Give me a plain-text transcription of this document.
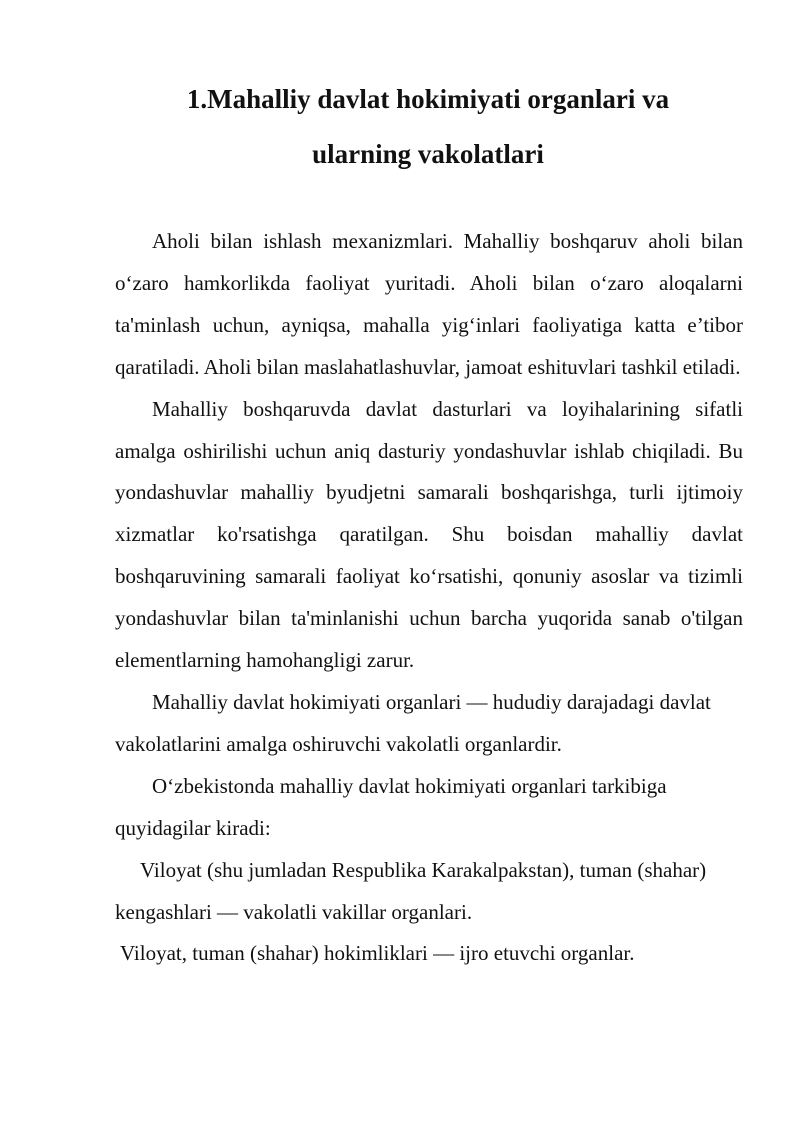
1.Mahalliy davlat hokimiyati organlari va
ularning vakolatlari

Aholi bilan ishlash mexanizmlari. Mahalliy boshqaruv aholi bilan o‘zaro hamkorlikda faoliyat yuritadi. Aholi bilan o‘zaro aloqalarni ta'minlash uchun, ayniqsa, mahalla yig‘inlari faoliyatiga katta e’tibor qaratiladi. Aholi bilan maslahatlashuvlar, jamoat eshituvlari tashkil etiladi.

Mahalliy boshqaruvda davlat dasturlari va loyihalarining sifatli amalga oshirilishi uchun aniq dasturiy yondashuvlar ishlab chiqiladi. Bu yondashuvlar mahalliy byudjetni samarali boshqarishga, turli ijtimoiy xizmatlar ko'rsatishga qaratilgan. Shu boisdan mahalliy davlat boshqaruvining samarali faoliyat ko‘rsatishi, qonuniy asoslar va tizimli yondashuvlar bilan ta'minlanishi uchun barcha yuqorida sanab o'tilgan elementlarning hamohangligi zarur.

Mahalliy davlat hokimiyati organlari — hududiy darajadagi davlat vakolatlarini amalga oshiruvchi vakolatli organlardir.

O‘zbekistonda mahalliy davlat hokimiyati organlari tarkibiga quyidagilar kiradi:

Viloyat (shu jumladan Respublika Karakalpakstan), tuman (shahar) kengashlari — vakolatli vakillar organlari.

Viloyat, tuman (shahar) hokimliklari — ijro etuvchi organlar.
